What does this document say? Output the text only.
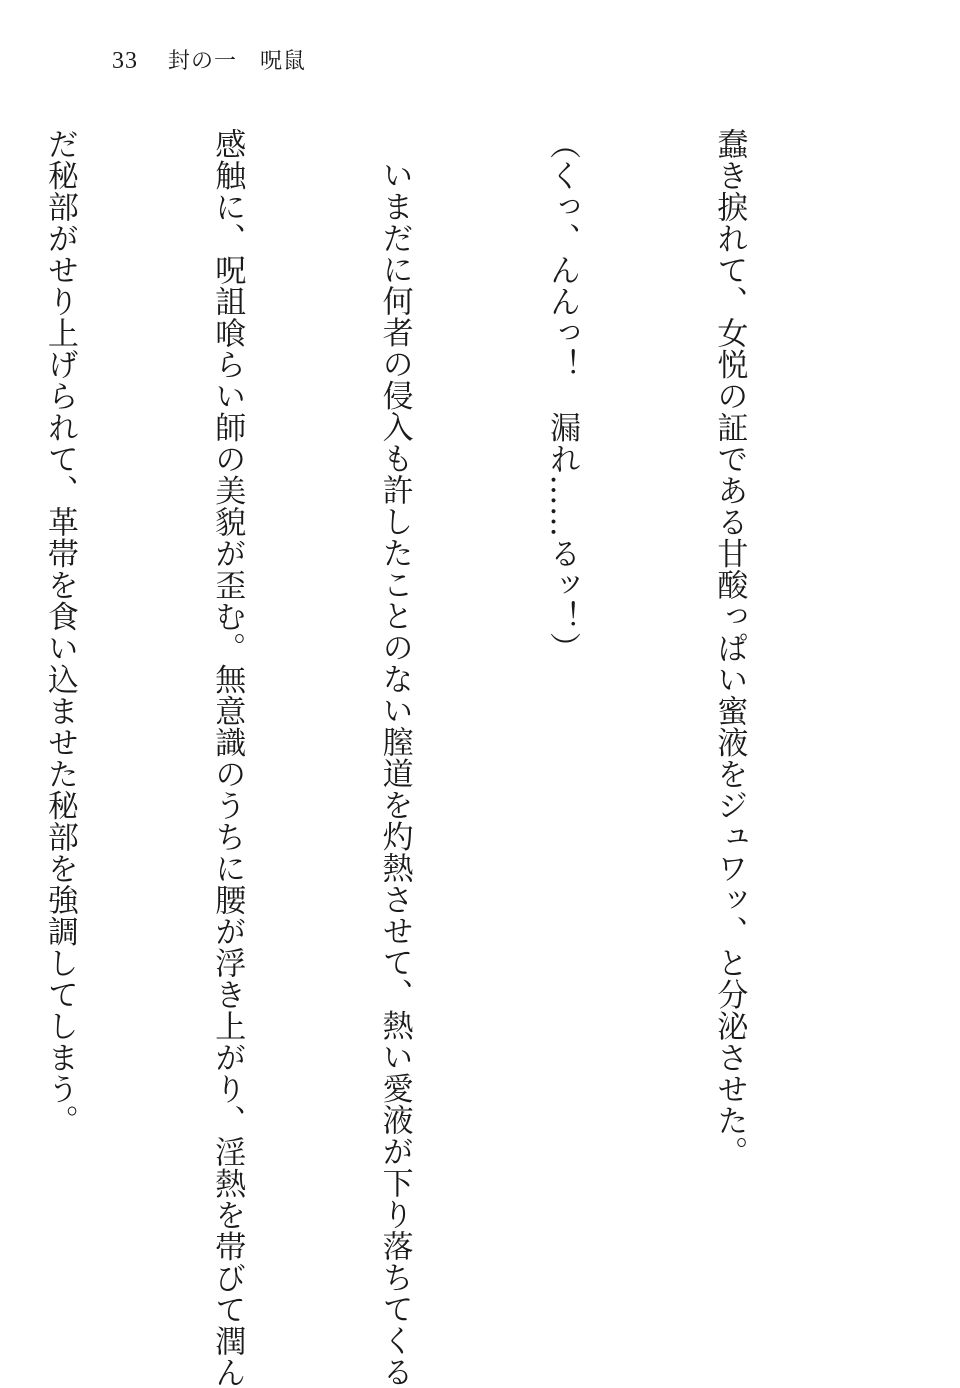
33 封の一　呪鼠

蠢き捩れて、女悦の証である甘酸っぱい蜜液をジュワッ、と分泌させた。

（くっ、んんっ！　漏れ……るッ！）

いまだに何者の侵入も許したことのない膣道を灼熱させて、熱い愛液が下り落ちてくる

感触に、呪詛喰らい師の美貌が歪む。無意識のうちに腰が浮き上がり、淫熱を帯びて潤ん

だ秘部がせり上げられて、革帯を食い込ませた秘部を強調してしまう。
